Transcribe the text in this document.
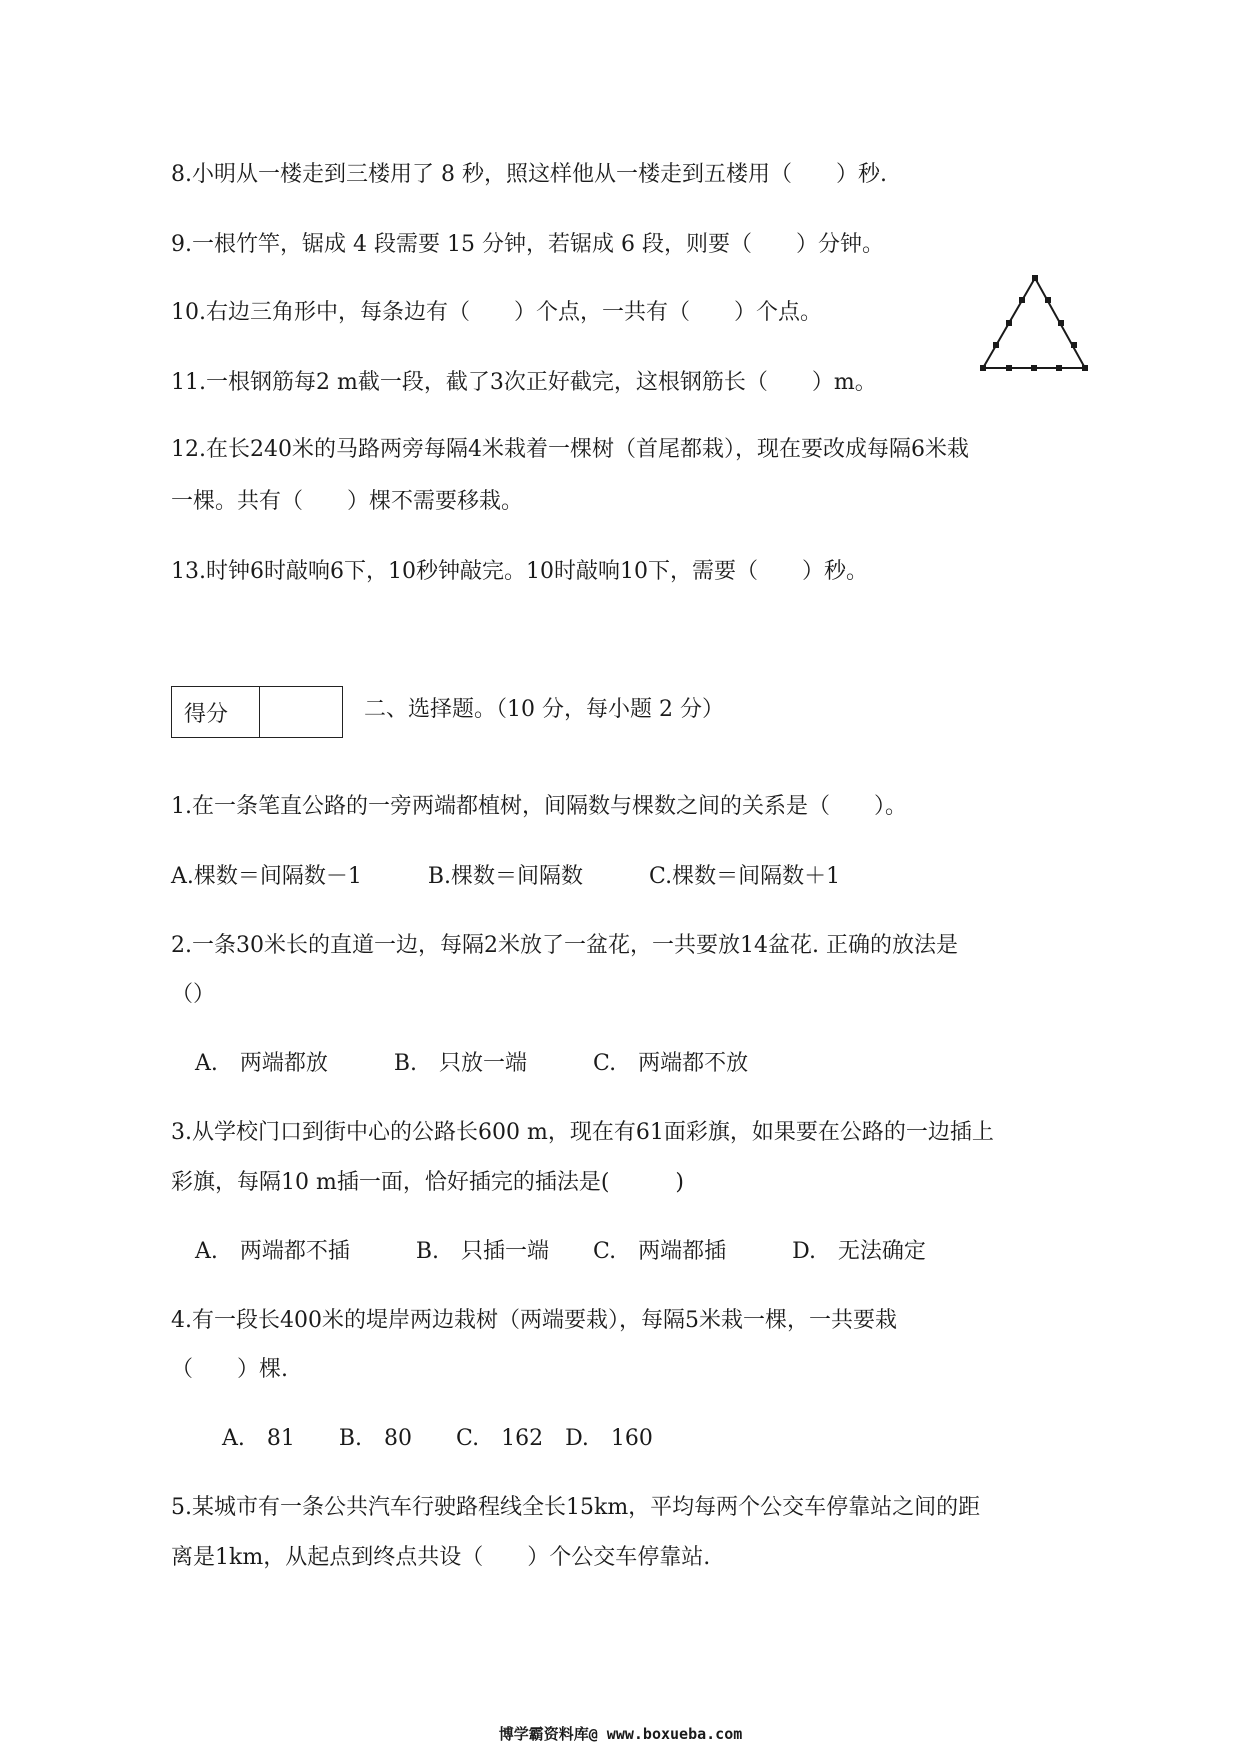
8.小明从一楼走到三楼用了 8 秒，照这样他从一楼走到五楼用（　　）秒.
9.一根竹竿，锯成 4 段需要 15 分钟，若锯成 6 段，则要（　　）分钟。
10.右边三角形中，每条边有（　　）个点，一共有（　　）个点。
11.一根钢筋每2 m截一段，截了3次正好截完，这根钢筋长（　　）m。
12.在长240米的马路两旁每隔4米栽着一棵树（首尾都栽），现在要改成每隔6米栽
一棵。共有（　　）棵不需要移栽。
13.时钟6时敲响6下，10秒钟敲完。10时敲响10下，需要（　　）秒。
得分	二、选择题。（10 分，每小题 2 分）
1.在一条笔直公路的一旁两端都植树，间隔数与棵数之间的关系是（　　）。
A.棵数＝间隔数－1　　　B.棵数＝间隔数　　　C.棵数＝间隔数＋1
2.一条30米长的直道一边，每隔2米放了一盆花，一共要放14盆花. 正确的放法是
（）
A.　两端都放　　　B.　只放一端　　　C.　两端都不放
3.从学校门口到街中心的公路长600 m，现在有61面彩旗，如果要在公路的一边插上
彩旗，每隔10 m插一面，恰好插完的插法是(　　　)
A.　两端都不插　　　B.　只插一端　　C.　两端都插　　　D.　无法确定
4.有一段长400米的堤岸两边栽树（两端要栽），每隔5米栽一棵，一共要栽
（　　）棵.
A.　81　　B.　80　　C.　162　D.　160
5.某城市有一条公共汽车行驶路程线全长15km，平均每两个公交车停靠站之间的距
离是1km，从起点到终点共设（　　）个公交车停靠站.
博学霸资料库@ www.boxueba.com
